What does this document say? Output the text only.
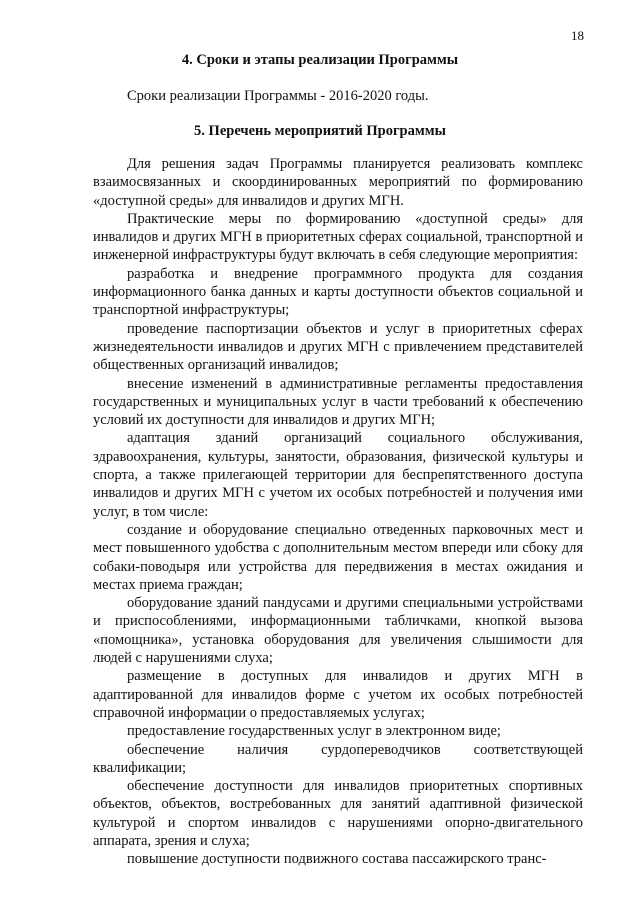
18
4. Сроки и этапы реализации Программы
Сроки реализации Программы - 2016-2020 годы.
5. Перечень мероприятий Программы

Для решения задач Программы планируется реализовать комплекс взаимосвязанных и скоординированных мероприятий по формированию «доступной среды» для инвалидов и других МГН.

Практические меры по формированию «доступной среды» для инвалидов и других МГН в приоритетных сферах социальной, транспортной и инженерной инфраструктуры будут включать в себя следующие мероприятия:

разработка и внедрение программного продукта для создания информационного банка данных и карты доступности объектов социальной и транспортной инфраструктуры;

проведение паспортизации объектов и услуг в приоритетных сферах жизнедеятельности инвалидов и других МГН с привлечением представителей общественных организаций инвалидов;

внесение изменений в административные регламенты предоставления государственных и муниципальных услуг в части требований к обеспечению условий их доступности для инвалидов и других МГН;

адаптация зданий организаций социального обслуживания, здравоохранения, культуры, занятости, образования, физической культуры и спорта, а также прилегающей территории для беспрепятственного доступа инвалидов и других МГН с учетом их особых потребностей и получения ими услуг, в том числе:

создание и оборудование специально отведенных парковочных мест и мест повышенного удобства с дополнительным местом впереди или сбоку для собаки-поводыря или устройства для передвижения в местах ожидания и местах приема граждан;

оборудование зданий пандусами и другими специальными устройствами и приспособлениями, информационными табличками, кнопкой вызова «помощника», установка оборудования для увеличения слышимости для людей с нарушениями слуха;

размещение в доступных для инвалидов и других МГН в адаптированной для инвалидов форме с учетом их особых потребностей справочной информации о предоставляемых услугах;

предоставление государственных услуг в электронном виде;

обеспечение наличия сурдопереводчиков соответствующей квалификации;

обеспечение доступности для инвалидов приоритетных спортивных объектов, объектов, востребованных для занятий адаптивной физической культурой и спортом инвалидов с нарушениями опорно-двигательного аппарата, зрения и слуха;

повышение доступности подвижного состава пассажирского транс-
